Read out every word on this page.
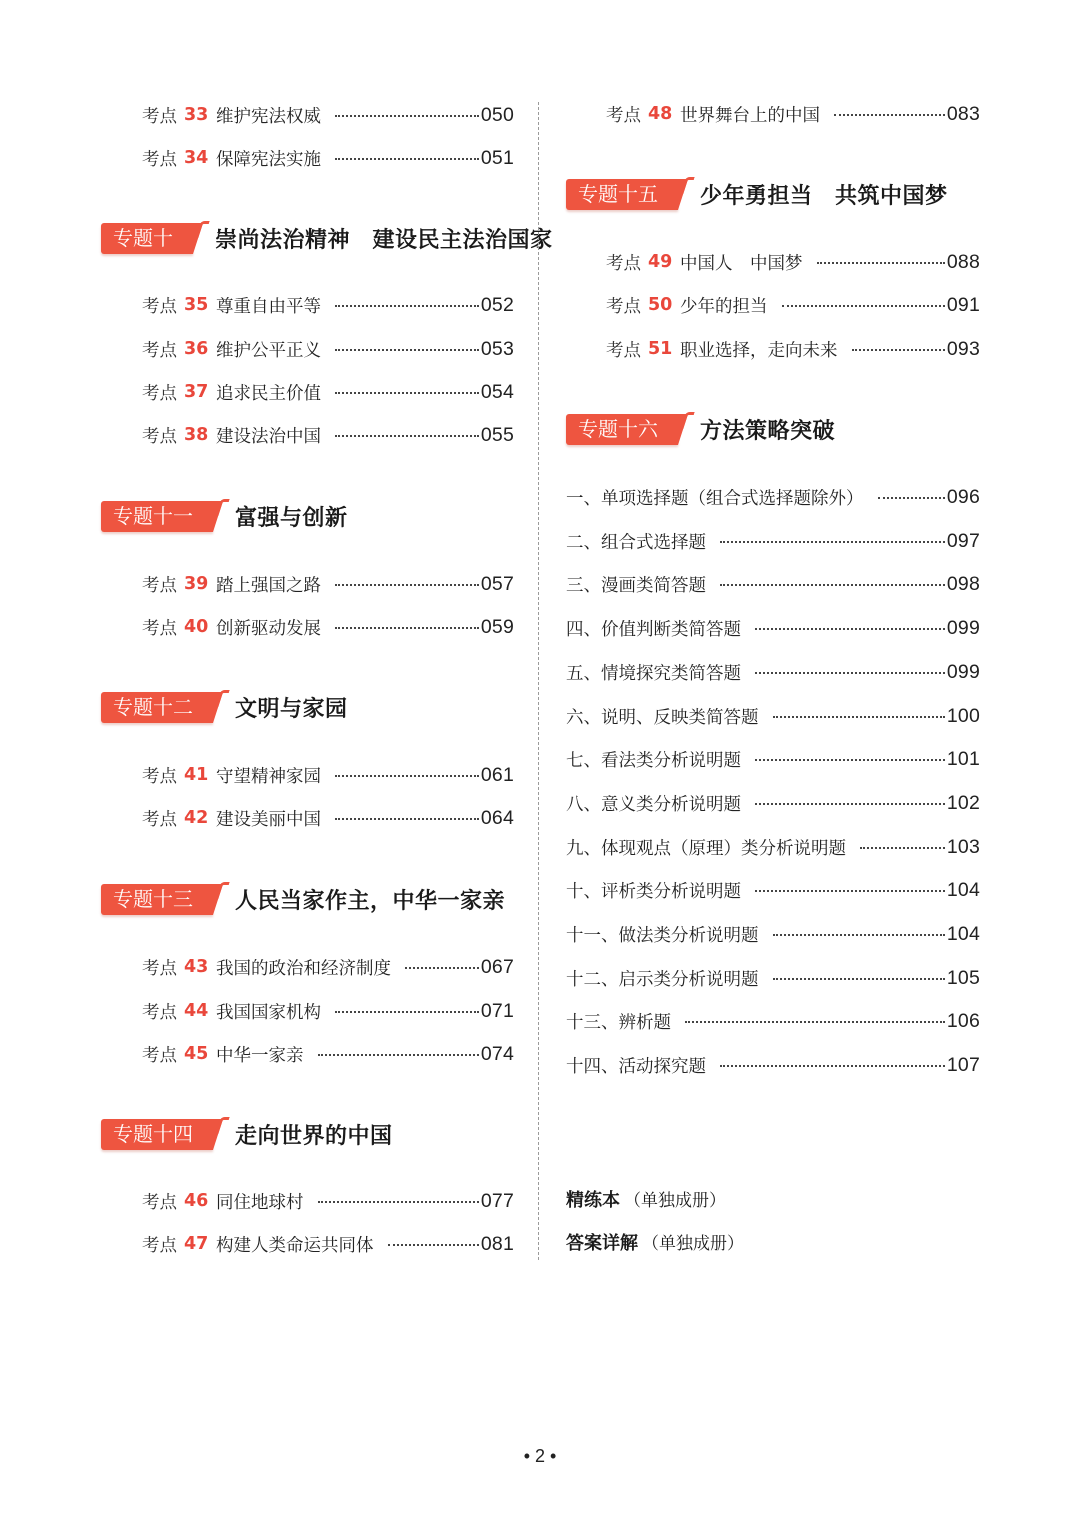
考点 33 维护宪法权威	050
考点 34 保障宪法实施	051
专题十	崇尚法治精神　建设民主法治国家
考点 35 尊重自由平等	052
考点 36 维护公平正义	053
考点 37 追求民主价值	054
考点 38 建设法治中国	055
专题十一	富强与创新
考点 39 踏上强国之路	057
考点 40 创新驱动发展	059
专题十二	文明与家园
考点 41 守望精神家园	061
考点 42 建设美丽中国	064
专题十三	人民当家作主，中华一家亲
考点 43 我国的政治和经济制度	067
考点 44 我国国家机构	071
考点 45 中华一家亲	074
专题十四	走向世界的中国
考点 46 同住地球村	077
考点 47 构建人类命运共同体	081
考点 48 世界舞台上的中国	083
专题十五	少年勇担当　共筑中国梦
考点 49 中国人　中国梦	088
考点 50 少年的担当	091
考点 51 职业选择，走向未来	093
专题十六	方法策略突破
一、单项选择题（组合式选择题除外）	096
二、组合式选择题	097
三、漫画类简答题	098
四、价值判断类简答题	099
五、情境探究类简答题	099
六、说明、反映类简答题	100
七、看法类分析说明题	101
八、意义类分析说明题	102
九、体现观点（原理）类分析说明题	103
十、评析类分析说明题	104
十一、做法类分析说明题	104
十二、启示类分析说明题	105
十三、辨析题	106
十四、活动探究题	107
精练本 （单独成册）
答案详解 （单独成册）
• 2 •
